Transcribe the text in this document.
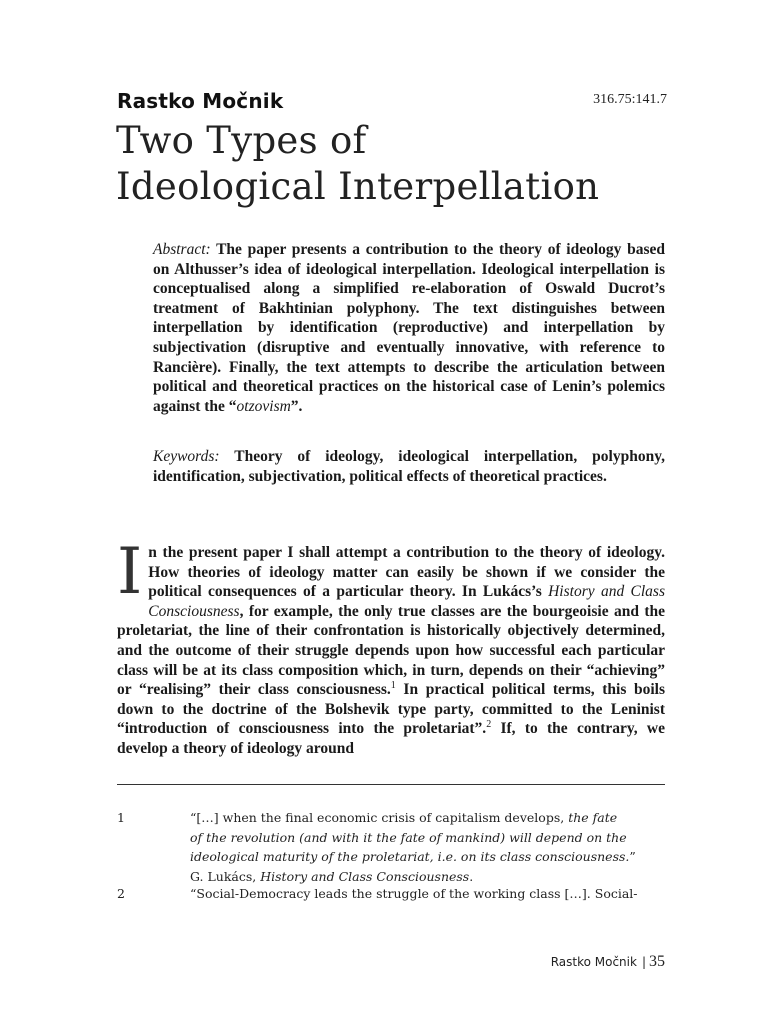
Rastko Močnik	316.75:141.7
Two Types of
Ideological Interpellation
Abstract: The paper presents a contribution to the theory of ideology based on Althusser’s idea of ideological interpellation. Ideological interpellation is conceptualised along a simplified re-elaboration of Oswald Ducrot’s treatment of Bakhtinian polyphony. The text distinguishes between interpellation by identification (reproductive) and interpellation by subjectivation (disruptive and eventually innovative, with reference to Rancière). Finally, the text attempts to describe the articulation between political and theoretical practices on the historical case of Lenin’s polemics against the “otzovism”.
Keywords: Theory of ideology, ideological interpellation, polyphony, identification, subjectivation, political effects of theoretical practices.
In the present paper I shall attempt a contribution to the theory of ideology. How theories of ideology matter can easily be shown if we consider the political consequences of a particular theory. In Lukács’s History and Class Consciousness, for example, the only true classes are the bourgeoisie and the proletariat, the line of their confrontation is historically objectively determined, and the outcome of their struggle depends upon how successful each particular class will be at its class composition which, in turn, depends on their “achieving” or “realising” their class consciousness.$^1$ In practical political terms, this boils down to the doctrine of the Bolshevik type party, committed to the Leninist “introduction of consciousness into the proletariat”.$^2$ If, to the contrary, we develop a theory of ideology around
1	“[…] when the final economic crisis of capitalism develops, the fate
of the revolution (and with it the fate of mankind) will depend on the
ideological maturity of the proletariat, i.e. on its class consciousness.”
G. Lukács, History and Class Consciousness.
2	“Social-Democracy leads the struggle of the working class […]. Social-
Rastko Močnik | 35
